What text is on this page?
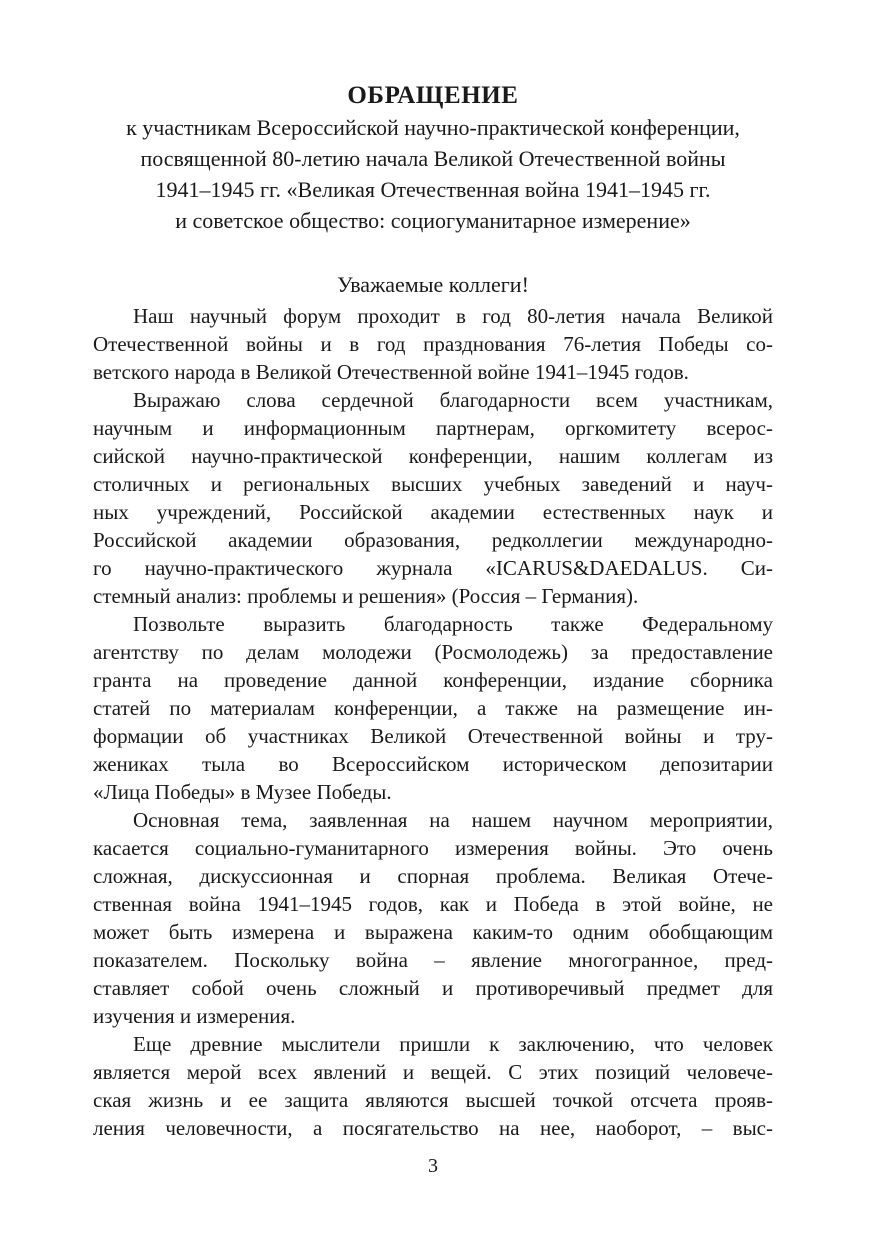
ОБРАЩЕНИЕ
к участникам Всероссийской научно-практической конференции,
посвященной 80-летию начала Великой Отечественной войны
1941–1945 гг. «Великая Отечественная война 1941–1945 гг.
и советское общество: социогуманитарное измерение»
Уважаемые коллеги!
Наш научный форум проходит в год 80-летия начала Великой
Отечественной войны и в год празднования 76-летия Победы со-
ветского народа в Великой Отечественной войне 1941–1945 годов.
Выражаю слова сердечной благодарности всем участникам,
научным и информационным партнерам, оргкомитету всерос-
сийской научно-практической конференции, нашим коллегам из
столичных и региональных высших учебных заведений и науч-
ных учреждений, Российской академии естественных наук и
Российской академии образования, редколлегии международно-
го научно-практического журнала «ICARUS&DAEDALUS. Си-
стемный анализ: проблемы и решения» (Россия – Германия).
Позвольте выразить благодарность также Федеральному
агентству по делам молодежи (Росмолодежь) за предоставление
гранта на проведение данной конференции, издание сборника
статей по материалам конференции, а также на размещение ин-
формации об участниках Великой Отечественной войны и тру-
жениках тыла во Всероссийском историческом депозитарии
«Лица Победы» в Музее Победы.
Основная тема, заявленная на нашем научном мероприятии,
касается социально-гуманитарного измерения войны. Это очень
сложная, дискуссионная и спорная проблема. Великая Отече-
ственная война 1941–1945 годов, как и Победа в этой войне, не
может быть измерена и выражена каким-то одним обобщающим
показателем. Поскольку война – явление многогранное, пред-
ставляет собой очень сложный и противоречивый предмет для
изучения и измерения.
Еще древние мыслители пришли к заключению, что человек
является мерой всех явлений и вещей. С этих позиций человече-
ская жизнь и ее защита являются высшей точкой отсчета прояв-
ления человечности, а посягательство на нее, наоборот, – выс-
3
